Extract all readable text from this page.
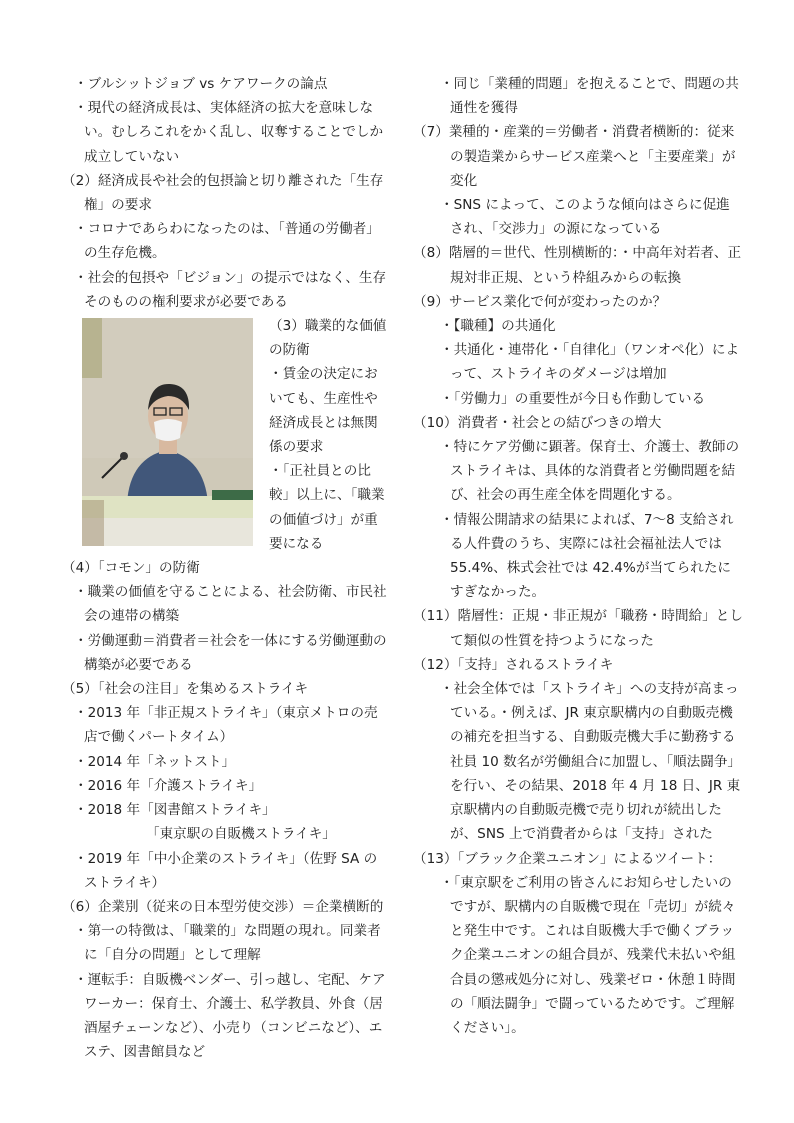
・ブルシットジョブ vs ケアワークの論点

・現代の経済成長は、実体経済の拡大を意味しない。むしろこれをかく乱し、収奪することでしか成立していない

（2）経済成長や社会的包摂論と切り離された「生存権」の要求

・コロナであらわになったのは、「普通の労働者」の生存危機。

・社会的包摂や「ビジョン」の提示ではなく、生存そのものの権利要求が必要である

（3）職業的な価値の防衛

・賃金の決定においても、生産性や経済成長とは無関係の要求

・「正社員との比較」以上に、「職業の価値づけ」が重要になる

（4）「コモン」の防衛

・職業の価値を守ることによる、社会防衛、市民社会の連帯の構築

・労働運動＝消費者＝社会を一体にする労働運動の構築が必要である

（5）「社会の注目」を集めるストライキ

・2013 年「非正規ストライキ」（東京メトロの売店で働くパートタイム）

・2014 年「ネットスト」

・2016 年「介護ストライキ」

・2018 年「図書館ストライキ」

「東京駅の自販機ストライキ」

・2019 年「中小企業のストライキ」（佐野 SA のストライキ）

（6）企業別（従来の日本型労使交渉）＝企業横断的

・第一の特徴は、「職業的」な問題の現れ。同業者に「自分の問題」として理解

・運転手：自販機ベンダー、引っ越し、宅配、ケアワーカー：保育士、介護士、私学教員、外食（居酒屋チェーンなど）、小売り（コンビニなど）、エステ、図書館員など

・同じ「業種的問題」を抱えることで、問題の共通性を獲得

（7）業種的・産業的＝労働者・消費者横断的：従来の製造業からサービス産業へと「主要産業」が変化

・SNS によって、このような傾向はさらに促進され、「交渉力」の源になっている

（8）階層的＝世代、性別横断的：・中高年対若者、正規対非正規、という枠組みからの転換

（9）サービス業化で何が変わったのか？

・【職種】の共通化

・共通化・連帯化・「自律化」（ワンオペ化）によって、ストライキのダメージは増加

・「労働力」の重要性が今日も作動している

（10）消費者・社会との結びつきの増大

・特にケア労働に顕著。保育士、介護士、教師のストライキは、具体的な消費者と労働問題を結び、社会の再生産全体を問題化する。

・情報公開請求の結果によれば、7〜8 支給される人件費のうち、実際には社会福祉法人では 55.4%、株式会社では 42.4%が当てられたにすぎなかった。

（11）階層性：正規・非正規が「職務・時間給」として類似の性質を持つようになった

（12）「支持」されるストライキ

・社会全体では「ストライキ」への支持が高まっている。・例えば、JR 東京駅構内の自動販売機の補充を担当する、自動販売機大手に勤務する社員 10 数名が労働組合に加盟し、「順法闘争」を行い、その結果、2018 年 4 月 18 日、JR 東京駅構内の自動販売機で売り切れが続出したが、SNS 上で消費者からは「支持」された

（13）「ブラック企業ユニオン」によるツイート：

・「東京駅をご利用の皆さんにお知らせしたいのですが、駅構内の自販機で現在「売切」が続々と発生中です。これは自販機大手で働くブラック企業ユニオンの組合員が、残業代未払いや組合員の懲戒処分に対し、残業ゼロ・休憩１時間の「順法闘争」で闘っているためです。ご理解ください」。
